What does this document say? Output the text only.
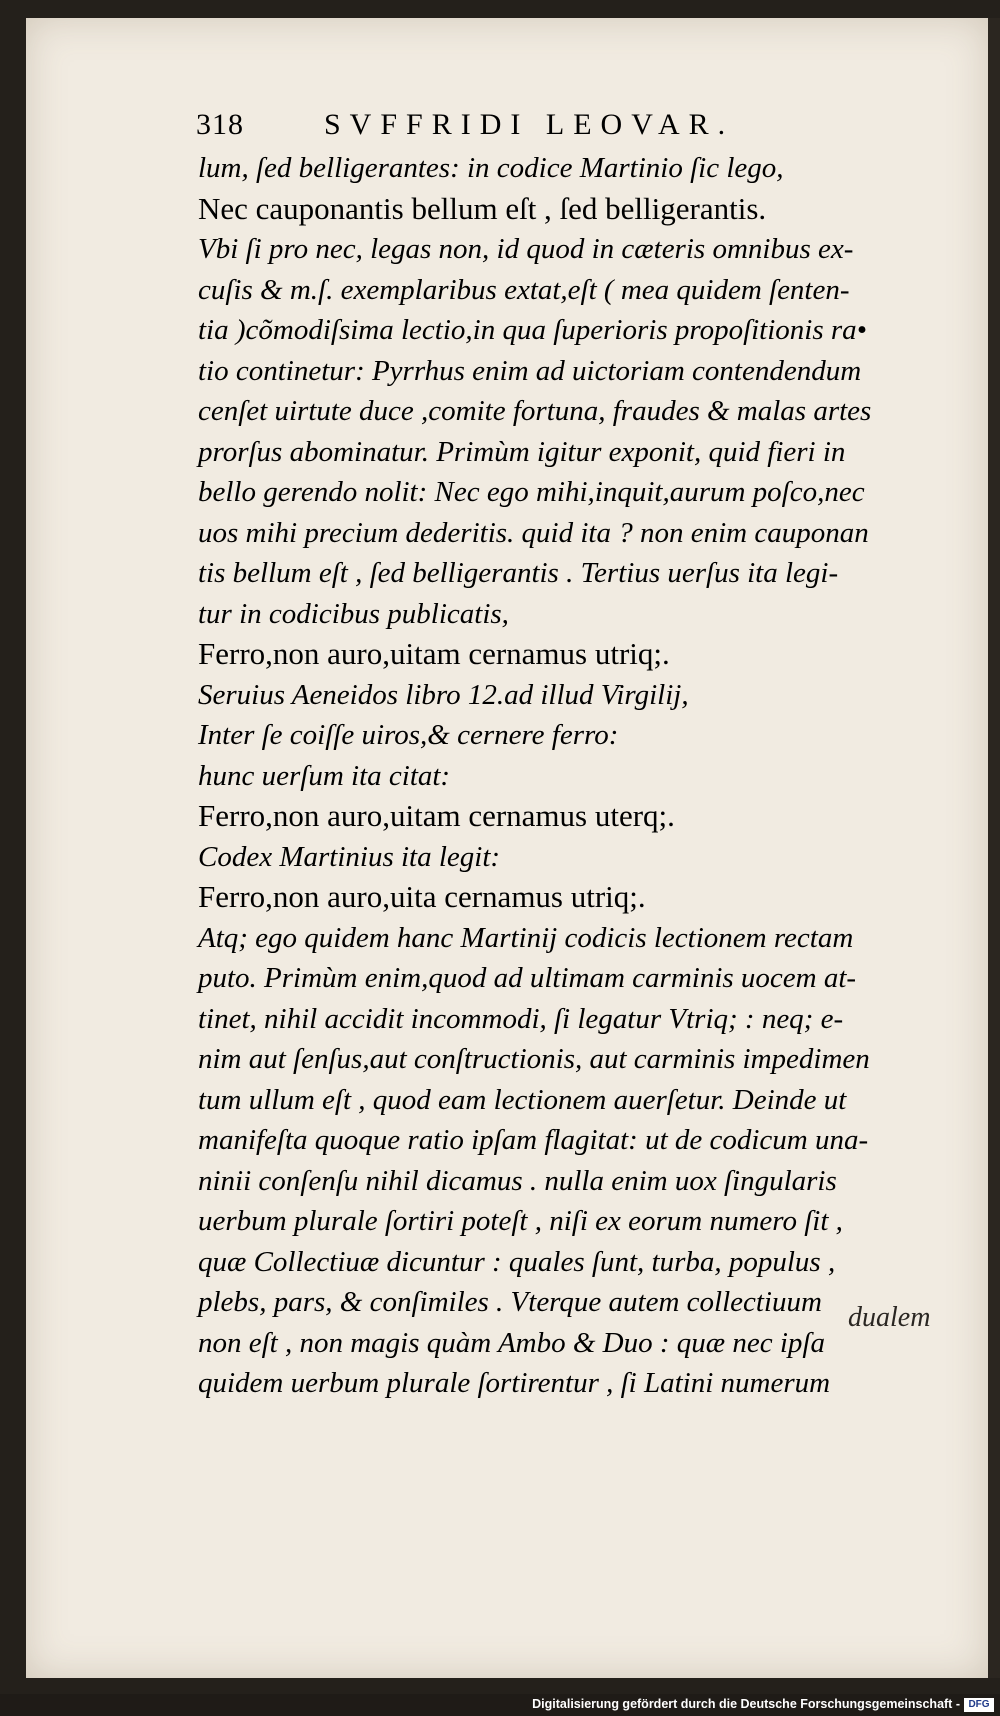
318	SVFFRIDI LEOVAR.
lum, ſed belligerantes: in codice Martinio ſic lego,
Nec cauponantis bellum eſt , ſed belligerantis.
Vbi ſi pro nec, legas non, id quod in cæteris omnibus ex-
cuſis & m.ſ. exemplaribus extat,eſt ( mea quidem ſenten-
tia )cõmodiſsima lectio,in qua ſuperioris propoſitionis ra•
tio continetur: Pyrrhus enim ad uictoriam contendendum
cenſet uirtute duce ,comite fortuna, fraudes & malas artes
prorſus abominatur. Primùm igitur exponit, quid fieri in
bello gerendo nolit: Nec ego mihi,inquit,aurum poſco,nec
uos mihi precium dederitis. quid ita ? non enim cauponan
tis bellum eſt , ſed belligerantis . Tertius uerſus ita legi-
tur in codicibus publicatis,
Ferro,non auro,uitam cernamus utriq;.
Seruius Aeneidos libro 12.ad illud Virgilij,
Inter ſe coiſſe uiros,& cernere ferro:
hunc uerſum ita citat:
Ferro,non auro,uitam cernamus uterq;.
Codex Martinius ita legit:
Ferro,non auro,uita cernamus utriq;.
Atq; ego quidem hanc Martinij codicis lectionem rectam
puto. Primùm enim,quod ad ultimam carminis uocem at-
tinet, nihil accidit incommodi, ſi legatur Vtriq; : neq; e-
nim aut ſenſus,aut conſtructionis, aut carminis impedimen
tum ullum eſt , quod eam lectionem auerſetur. Deinde ut
manifeſta quoque ratio ipſam flagitat: ut de codicum una-
ninii conſenſu nihil dicamus . nulla enim uox ſingularis
uerbum plurale ſortiri poteſt , niſi ex eorum numero ſit ,
quæ Collectiuæ dicuntur : quales ſunt, turba, populus ,
plebs, pars, & conſimiles . Vterque autem collectiuum
non eſt , non magis quàm Ambo & Duo : quæ nec ipſa
quidem uerbum plurale ſortirentur , ſi Latini numerum
dualem
Digitalisierung gefördert durch die Deutsche Forschungsgemeinschaft - DFG
